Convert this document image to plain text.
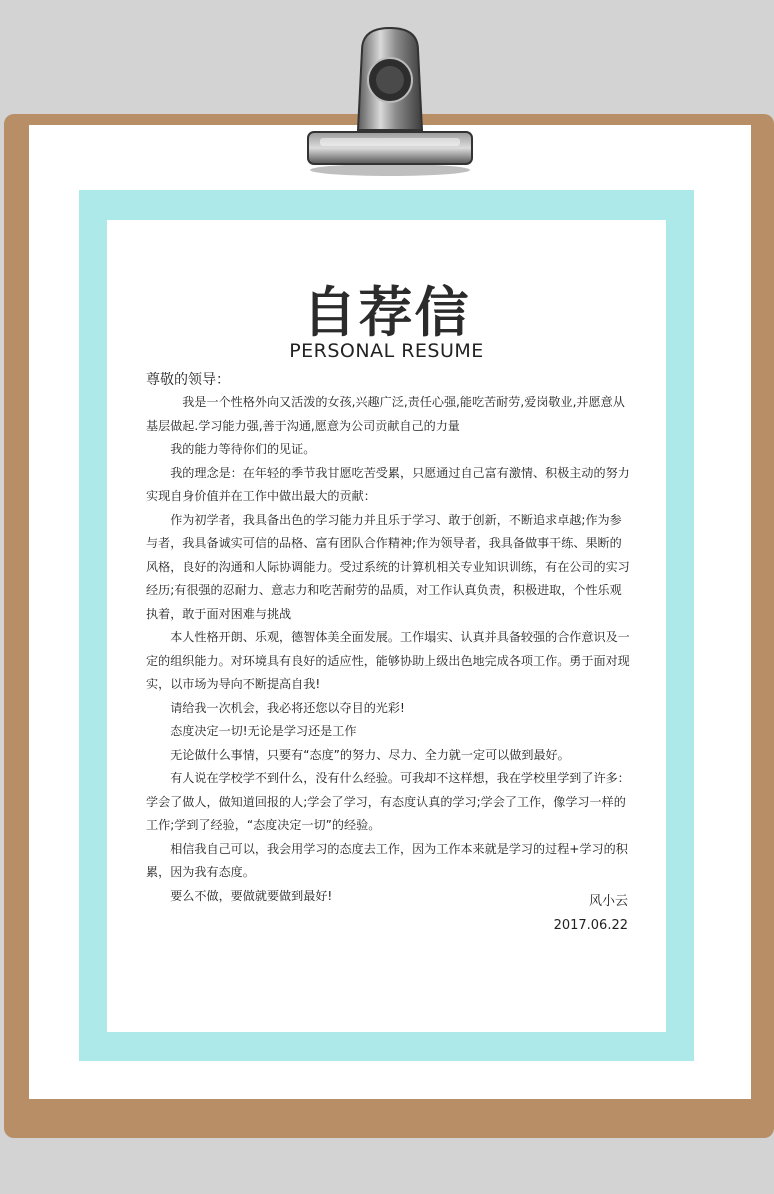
自荐信
PERSONAL RESUME
尊敬的领导：

我是一个性格外向又活泼的女孩,兴趣广泛,责任心强,能吃苦耐劳,爱岗敬业,并愿意从基层做起.学习能力强,善于沟通,愿意为公司贡献自己的力量

我的能力等待你们的见证。

我的理念是：在年轻的季节我甘愿吃苦受累，只愿通过自己富有激情、积极主动的努力实现自身价值并在工作中做出最大的贡献：

作为初学者，我具备出色的学习能力并且乐于学习、敢于创新，不断追求卓越;作为参与者，我具备诚实可信的品格、富有团队合作精神;作为领导者，我具备做事干练、果断的风格，良好的沟通和人际协调能力。受过系统的计算机相关专业知识训练，有在公司的实习经历;有很强的忍耐力、意志力和吃苦耐劳的品质，对工作认真负责，积极进取，个性乐观执着，敢于面对困难与挑战

本人性格开朗、乐观，德智体美全面发展。工作塌实、认真并具备较强的合作意识及一定的组织能力。对环境具有良好的适应性，能够协助上级出色地完成各项工作。勇于面对现实，以市场为导向不断提高自我!

请给我一次机会，我必将还您以夺目的光彩!

态度决定一切!无论是学习还是工作

无论做什么事情，只要有“态度”的努力、尽力、全力就一定可以做到最好。

有人说在学校学不到什么，没有什么经验。可我却不这样想，我在学校里学到了许多：学会了做人，做知道回报的人;学会了学习，有态度认真的学习;学会了工作，像学习一样的工作;学到了经验，“态度决定一切”的经验。

相信我自己可以，我会用学习的态度去工作，因为工作本来就是学习的过程+学习的积累，因为我有态度。

要么不做，要做就要做到最好!	风小云
2017.06.22
